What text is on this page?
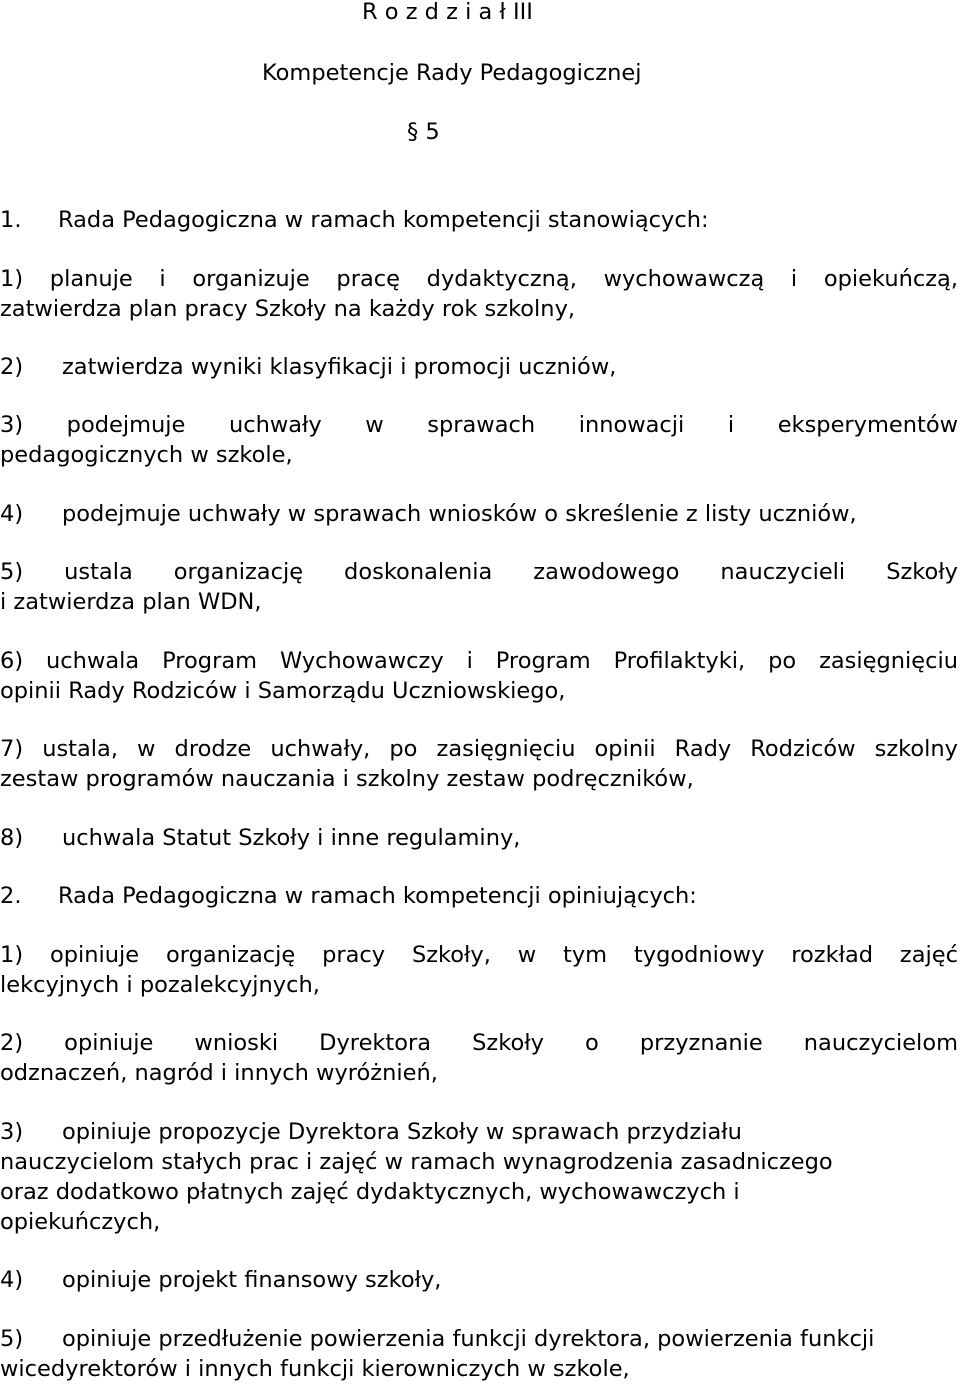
R o z d z i a ł III
Kompetencje Rady Pedagogicznej
§ 5
1. Rada Pedagogiczna w ramach kompetencji stanowiących:
1) planuje i organizuje pracę dydaktyczną, wychowawczą i opiekuńczą,
zatwierdza plan pracy Szkoły na każdy rok szkolny,
2) zatwierdza wyniki klasyfikacji i promocji uczniów,
3) podejmuje uchwały w sprawach innowacji i eksperymentów
pedagogicznych w szkole,
4) podejmuje uchwały w sprawach wniosków o skreślenie z listy uczniów,
5) ustala organizację doskonalenia zawodowego nauczycieli Szkoły
i zatwierdza plan WDN,
6) uchwala Program Wychowawczy i Program Profilaktyki, po zasięgnięciu
opinii Rady Rodziców i Samorządu Uczniowskiego,
7) ustala, w drodze uchwały, po zasięgnięciu opinii Rady Rodziców szkolny
zestaw programów nauczania i szkolny zestaw podręczników,
8) uchwala Statut Szkoły i inne regulaminy,
2. Rada Pedagogiczna w ramach kompetencji opiniujących:
1) opiniuje organizację pracy Szkoły, w tym tygodniowy rozkład zajęć
lekcyjnych i pozalekcyjnych,
2) opiniuje wnioski Dyrektora Szkoły o przyznanie nauczycielom
odznaczeń, nagród i innych wyróżnień,
3) opiniuje propozycje Dyrektora Szkoły w sprawach przydziału
nauczycielom stałych prac i zajęć w ramach wynagrodzenia zasadniczego
oraz dodatkowo płatnych zajęć dydaktycznych, wychowawczych i
opiekuńczych,
4) opiniuje projekt finansowy szkoły,
5) opiniuje przedłużenie powierzenia funkcji dyrektora, powierzenia funkcji
wicedyrektorów i innych funkcji kierowniczych w szkole,
